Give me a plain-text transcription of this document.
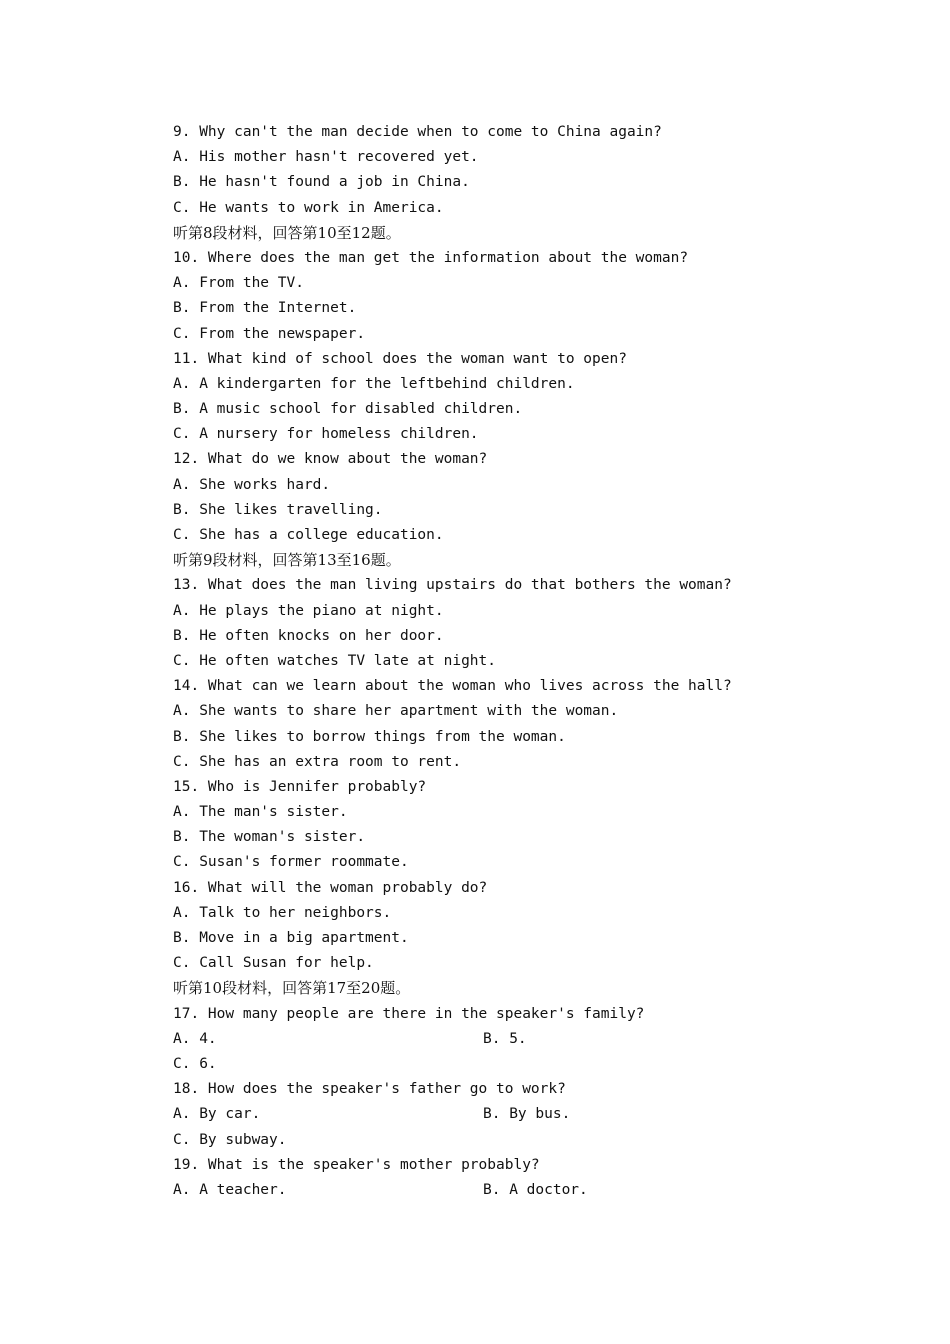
9. Why can't the man decide when to come to China again?
A. His mother hasn't recovered yet.
B. He hasn't found a job in China.
C. He wants to work in America.
听第8段材料，回答第10至12题。
10. Where does the man get the information about the woman?
A. From the TV.
B. From the Internet.
C. From the newspaper.
11. What kind of school does the woman want to open?
A. A kindergarten for the leftbehind children.
B. A music school for disabled children.
C. A nursery for homeless children.
12. What do we know about the woman?
A. She works hard.
B. She likes travelling.
C. She has a college education.
听第9段材料，回答第13至16题。
13. What does the man living upstairs do that bothers the woman?
A. He plays the piano at night.
B. He often knocks on her door.
C. He often watches TV late at night.
14. What can we learn about the woman who lives across the hall?
A. She wants to share her apartment with the woman.
B. She likes to borrow things from the woman.
C. She has an extra room to rent.
15. Who is Jennifer probably?
A. The man's sister.
B. The woman's sister.
C. Susan's former roommate.
16. What will the woman probably do?
A. Talk to her neighbors.
B. Move in a big apartment.
C. Call Susan for help.
听第10段材料，回答第17至20题。
17. How many people are there in the speaker's family?
A. 4.	B. 5.
C. 6.
18. How does the speaker's father go to work?
A. By car.	B. By bus.
C. By subway.
19. What is the speaker's mother probably?
A. A teacher.	B. A doctor.
